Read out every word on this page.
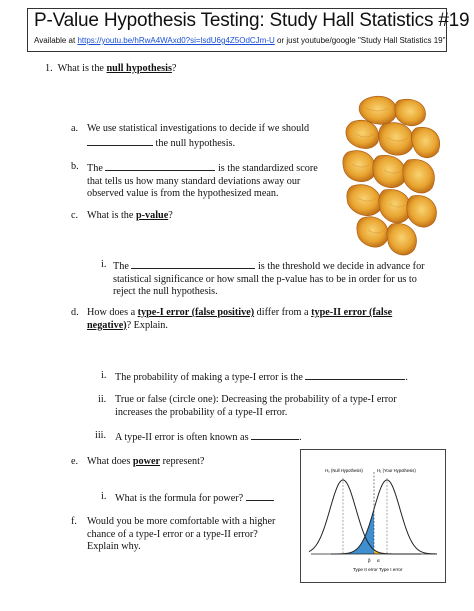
P-Value Hypothesis Testing: Study Hall Statistics #19
Available at https://youtu.be/hRwA4WAxd0?si=lsdU6g4Z5OdCJm-U or just youtube/google "Study Hall Statistics 19"
1. What is the null hypothesis?
a. We use statistical investigations to decide if we should
the null hypothesis.
b. The	is the standardized score
that tells us how many standard deviations away our
observed value is from the hypothesized mean.
c. What is the p-value?
i. The	is the threshold we decide in advance for
statistical significance or how small the p-value has to be in order for us to
reject the null hypothesis.
d. How does a type-I error (false positive) differ from a type-II error (false
negative)? Explain.
i. The probability of making a type-I error is the	.
ii. True or false (circle one): Decreasing the probability of a type-I error
increases the probability of a type-II error.
iii. A type-II error is often known as	.
e. What does power represent?
i. What is the formula for power?
f. Would you be more comfortable with a higher
chance of a type-I error or a type-II error?
Explain why.
H₀ (Null Hypothesis)	H₁ (Your Hypothesis)
β α
Type II error Type I error
